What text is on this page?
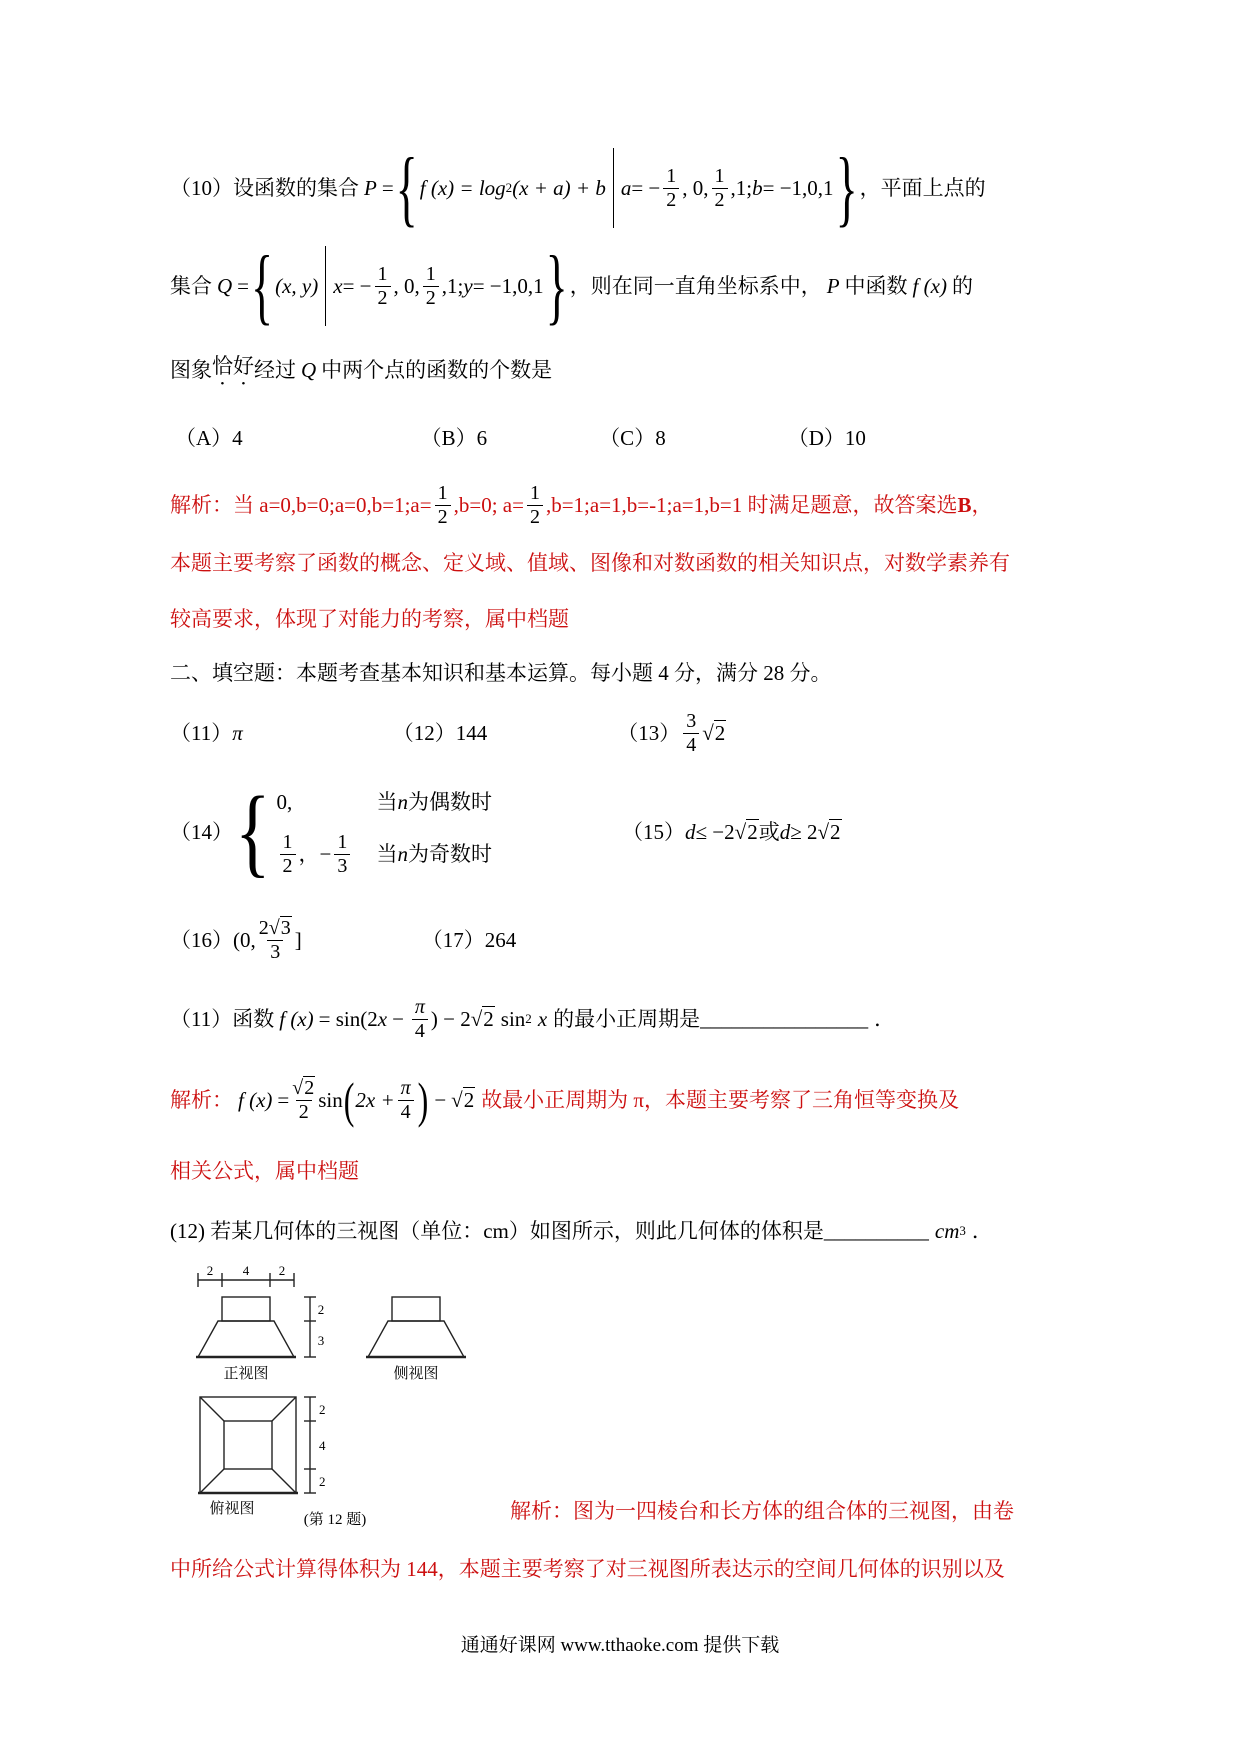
（10）设函数的集合 P = { f (x) = log 2 (x + a) + b a = − $\frac{1}{2}$ , 0, $\frac{1}{2} ,1$; b = −1,0,1 } ，平面上点的
集合 Q = { (x, y) x = − $\frac{1}{2}$ , 0, $\frac{1}{2} ,1$; y = −1,0,1 } ，则在同一直角坐标系中， P 中函数 f (x) 的
图象 恰好 经过 Q 中两个点的函数的个数是
（A）4	（B）6	（C）8	（D）10
解析：当 a=0,b=0;a=0,b=1;a= $\frac{1}{2} ,b=0$; $a= \frac{1}{2}$ ,b=1;a=1,b=-1;a=1,b=1 时满足题意，故答案选 B ，
本题主要考察了函数的概念、定义域、值域、图像和对数函数的相关知识点，对数学素养有
较高要求，体现了对能力的考察，属中档题
二、填空题：本题考查基本知识和基本运算。每小题 4 分，满分 28 分。
（11） π	（12）144	$(13) \frac{3}{4} √2$
（14） { 0,	当n为偶数时
$\frac{1}{2}$ ，− $\frac{1}{3}$ 当n为奇数时
（15） d ≤ −2 √2 或 d ≥ 2 √2
（16） (0, $\frac{2 √3}{3}$ ]	（17）264
（11）函数 f (x) = sin(2 $x - \frac{\pi}{4}$ ) − 2 √2 sin 2 x 的最小正周期是 ________________ ．
解析： f $(x) = \frac{√2}{2}$ sin ( $2x + \frac{\pi}{4}$ ) − √2 故最小正周期为 π，本题主要考察了三角恒等变换及
相关公式，属中档题
(12) 若某几何体的三视图（单位：cm）如图所示，则此几何体的体积是 __________ cm 3 ．
2 4 2
2
3
正视图	侧视图
2
4
2
俯视图
(第 12 题)	解析：图为一四棱台和长方体的组合体的三视图，由卷
中所给公式计算得体积为 144，本题主要考察了对三视图所表达示的空间几何体的识别以及
通通好课网 www.tthaoke.com 提供下载
